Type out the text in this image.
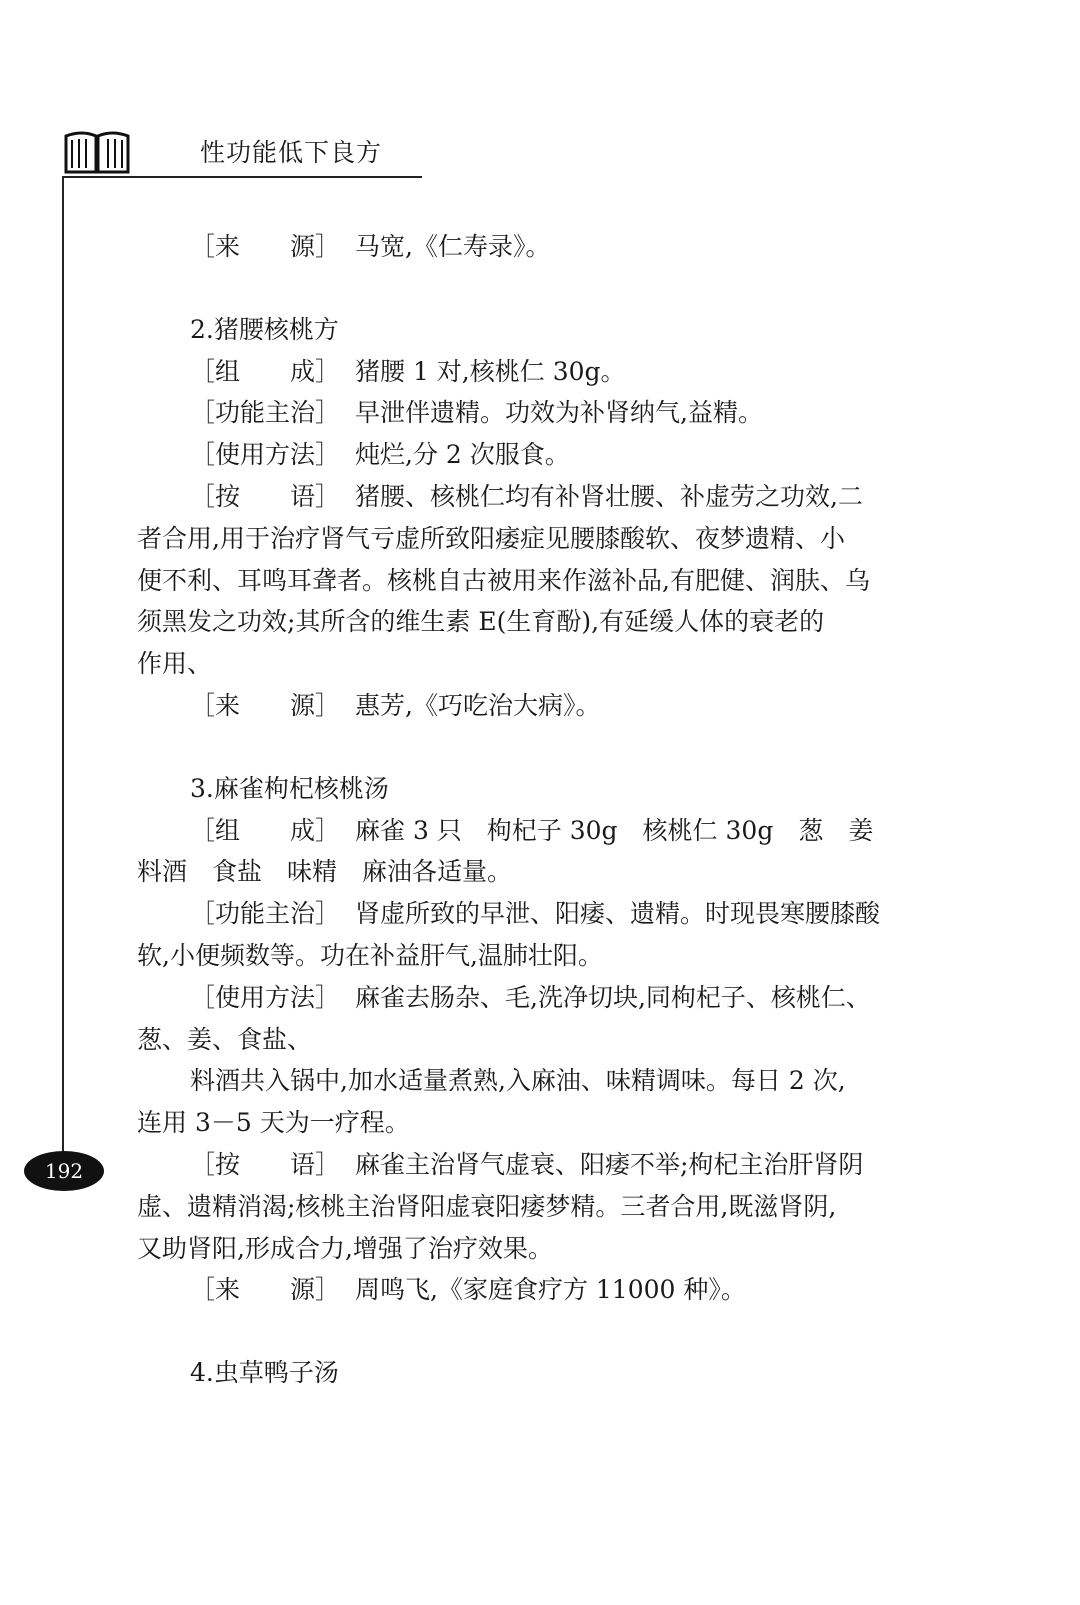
性功能低下良方
192
［来　　源］ 马宽,《仁寿录》。
2.猪腰核桃方
［组　　成］ 猪腰 1 对,核桃仁 30g。
［功能主治］ 早泄伴遗精。功效为补肾纳气,益精。
［使用方法］ 炖烂,分 2 次服食。
［按　　语］ 猪腰、核桃仁均有补肾壮腰、补虚劳之功效,二
者合用,用于治疗肾气亏虚所致阳痿症见腰膝酸软、夜梦遗精、小
便不利、耳鸣耳聋者。核桃自古被用来作滋补品,有肥健、润肤、乌
须黑发之功效;其所含的维生素 E(生育酚),有延缓人体的衰老的
作用、
［来　　源］ 惠芳,《巧吃治大病》。
3.麻雀枸杞核桃汤
［组　　成］ 麻雀 3 只　枸杞子 30g　核桃仁 30g　葱　姜
料酒　食盐　味精　麻油各适量。
［功能主治］ 肾虚所致的早泄、阳痿、遗精。时现畏寒腰膝酸
软,小便频数等。功在补益肝气,温肺壮阳。
［使用方法］ 麻雀去肠杂、毛,洗净切块,同枸杞子、核桃仁、
葱、姜、食盐、
料酒共入锅中,加水适量煮熟,入麻油、味精调味。每日 2 次,
连用 3－5 天为一疗程。
［按　　语］ 麻雀主治肾气虚衰、阳痿不举;枸杞主治肝肾阴
虚、遗精消渴;核桃主治肾阳虚衰阳痿梦精。三者合用,既滋肾阴,
又助肾阳,形成合力,增强了治疗效果。
［来　　源］ 周鸣飞,《家庭食疗方 11000 种》。
4.虫草鸭子汤
